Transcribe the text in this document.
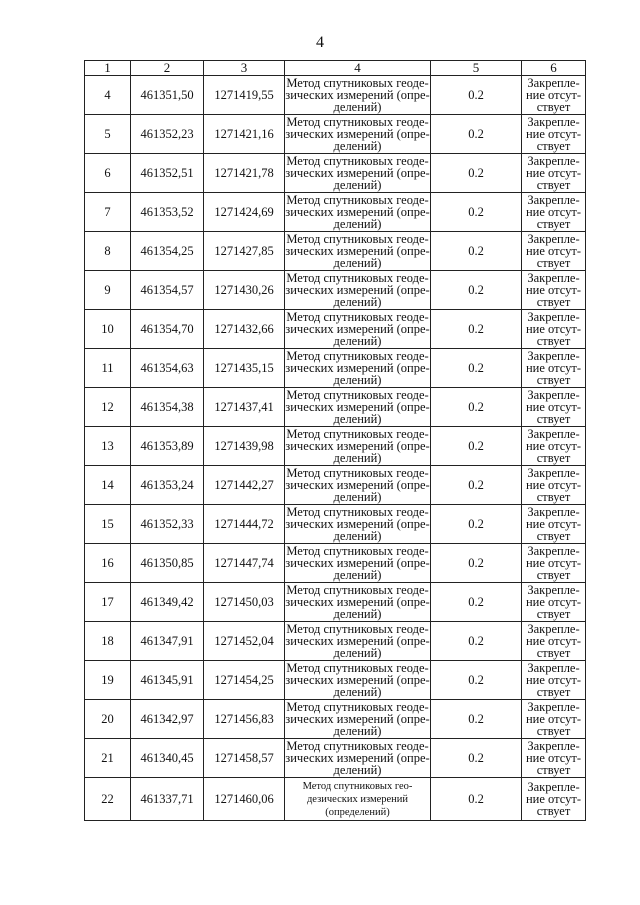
4
1	2	3	4	5	6
4	461351,50	1271419,55	Метод спутниковых геоде-зических измерений (опре-делений)	0.2	Закрепле-ние отсут-ствует
5	461352,23	1271421,16	Метод спутниковых геоде-зических измерений (опре-делений)	0.2	Закрепле-ние отсут-ствует
6	461352,51	1271421,78	Метод спутниковых геоде-зических измерений (опре-делений)	0.2	Закрепле-ние отсут-ствует
7	461353,52	1271424,69	Метод спутниковых геоде-зических измерений (опре-делений)	0.2	Закрепле-ние отсут-ствует
8	461354,25	1271427,85	Метод спутниковых геоде-зических измерений (опре-делений)	0.2	Закрепле-ние отсут-ствует
9	461354,57	1271430,26	Метод спутниковых геоде-зических измерений (опре-делений)	0.2	Закрепле-ние отсут-ствует
10	461354,70	1271432,66	Метод спутниковых геоде-зических измерений (опре-делений)	0.2	Закрепле-ние отсут-ствует
11	461354,63	1271435,15	Метод спутниковых геоде-зических измерений (опре-делений)	0.2	Закрепле-ние отсут-ствует
12	461354,38	1271437,41	Метод спутниковых геоде-зических измерений (опре-делений)	0.2	Закрепле-ние отсут-ствует
13	461353,89	1271439,98	Метод спутниковых геоде-зических измерений (опре-делений)	0.2	Закрепле-ние отсут-ствует
14	461353,24	1271442,27	Метод спутниковых геоде-зических измерений (опре-делений)	0.2	Закрепле-ние отсут-ствует
15	461352,33	1271444,72	Метод спутниковых геоде-зических измерений (опре-делений)	0.2	Закрепле-ние отсут-ствует
16	461350,85	1271447,74	Метод спутниковых геоде-зических измерений (опре-делений)	0.2	Закрепле-ние отсут-ствует
17	461349,42	1271450,03	Метод спутниковых геоде-зических измерений (опре-делений)	0.2	Закрепле-ние отсут-ствует
18	461347,91	1271452,04	Метод спутниковых геоде-зических измерений (опре-делений)	0.2	Закрепле-ние отсут-ствует
19	461345,91	1271454,25	Метод спутниковых геоде-зических измерений (опре-делений)	0.2	Закрепле-ние отсут-ствует
20	461342,97	1271456,83	Метод спутниковых геоде-зических измерений (опре-делений)	0.2	Закрепле-ние отсут-ствует
21	461340,45	1271458,57	Метод спутниковых геоде-зических измерений (опре-делений)	0.2	Закрепле-ние отсут-ствует
22	461337,71	1271460,06	Метод спутниковых гео-дезических измерений (определений)	0.2	Закрепле-ние отсут-ствует
